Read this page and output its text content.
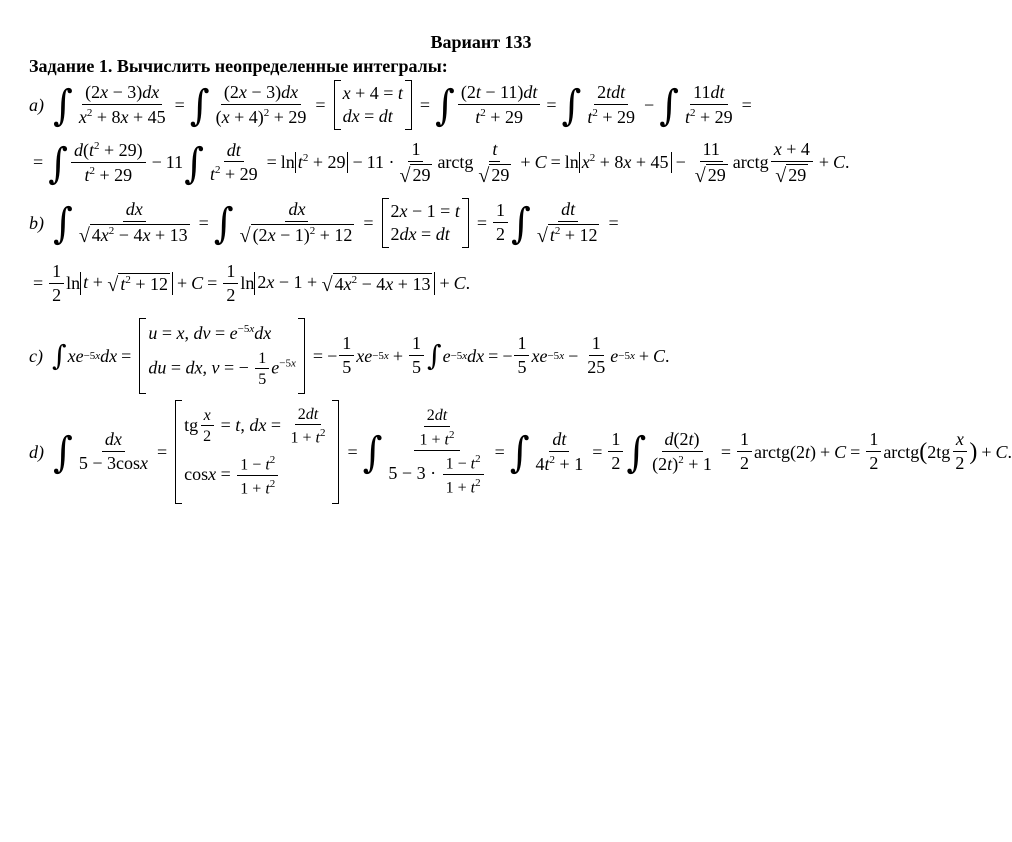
Вариант 133
Задание 1. Вычислить неопределенные интегралы:
a) ∫ $\frac{(2x - 3)dx}{x^2 + 8x + 45}$ = ∫ $\frac{(2x - 3)dx}{(x + 4)^2 + 29}$ =
x + 4 = t
dx = dt
= ∫ $\frac{(2t - 11)dt}{t^2 + 29}$ = ∫ $\frac{\text{2tdt}}{t^2 + 29}$ − ∫ $\frac{11dt}{t^2 + 29}$ =
= ∫ $\frac{d(t^2 + 29)}{t^2 + 29} - 11$ ∫ $\frac{dt}{t^2 + 29} = \ln t^2 + 29 - 11 \cdot \frac{1}{√ 29}$ arctg $\frac{t}{√ 29} + C = \ln x^2 + 8x + 45 - \frac{11}{√ 29}$ arctg $\frac{x + 4}{√ 29} + C$ .
b) ∫ $\frac{dx}{√ 4x^2 - 4x + 13}$ = ∫ $\frac{dx}{√ (2x - 1)^2 + 12}$ =
2x − 1 = t
2dx = dt
= $\frac{1}{2}$ ∫ $\frac{dt}{√ t^2 + 12}$ =
= $\frac{1}{2}$ ln t + √ $t^2 + 12 + C = \frac{1}{2}$ ln 2x − 1 + √ $4x^2 - 4x + 13 + C$ .
c) ∫ xe −5x dx =
u = x, dv = $e^{-5x}dx$
du = dx, v = − $\frac{1}{5} e^{-5x}$ = − $\frac{1}{5}$ xe $-5x + \frac{1}{5}$ ∫ e −5x dx = − $\frac{1}{5}$ xe $-5x - \frac{1}{25}$ e −5x + C .
d) ∫ $\frac{dx}{5 - 3\cos x}$ =
tg $\frac{x}{2} = t$, dx = $\frac{2dt}{1 + t^2}$
$\cos x = \frac{1 - t^2}{1 + t^2}$
= ∫ $\frac{\frac{2dt}{1 + t^2}}{5 - 3 \cdot \frac{1 - t^2}{1 + t^2}}$ = ∫ $\frac{dt}{4t^2 + 1} = \frac{1}{2}$ ∫ $\frac{d(2t)}{(2t)^2 + 1} = \frac{1}{2}$ arctg(2 t ) + $C = \frac{1}{2}$ arctg ( $2tg \frac{x}{2}$ ) + C .
